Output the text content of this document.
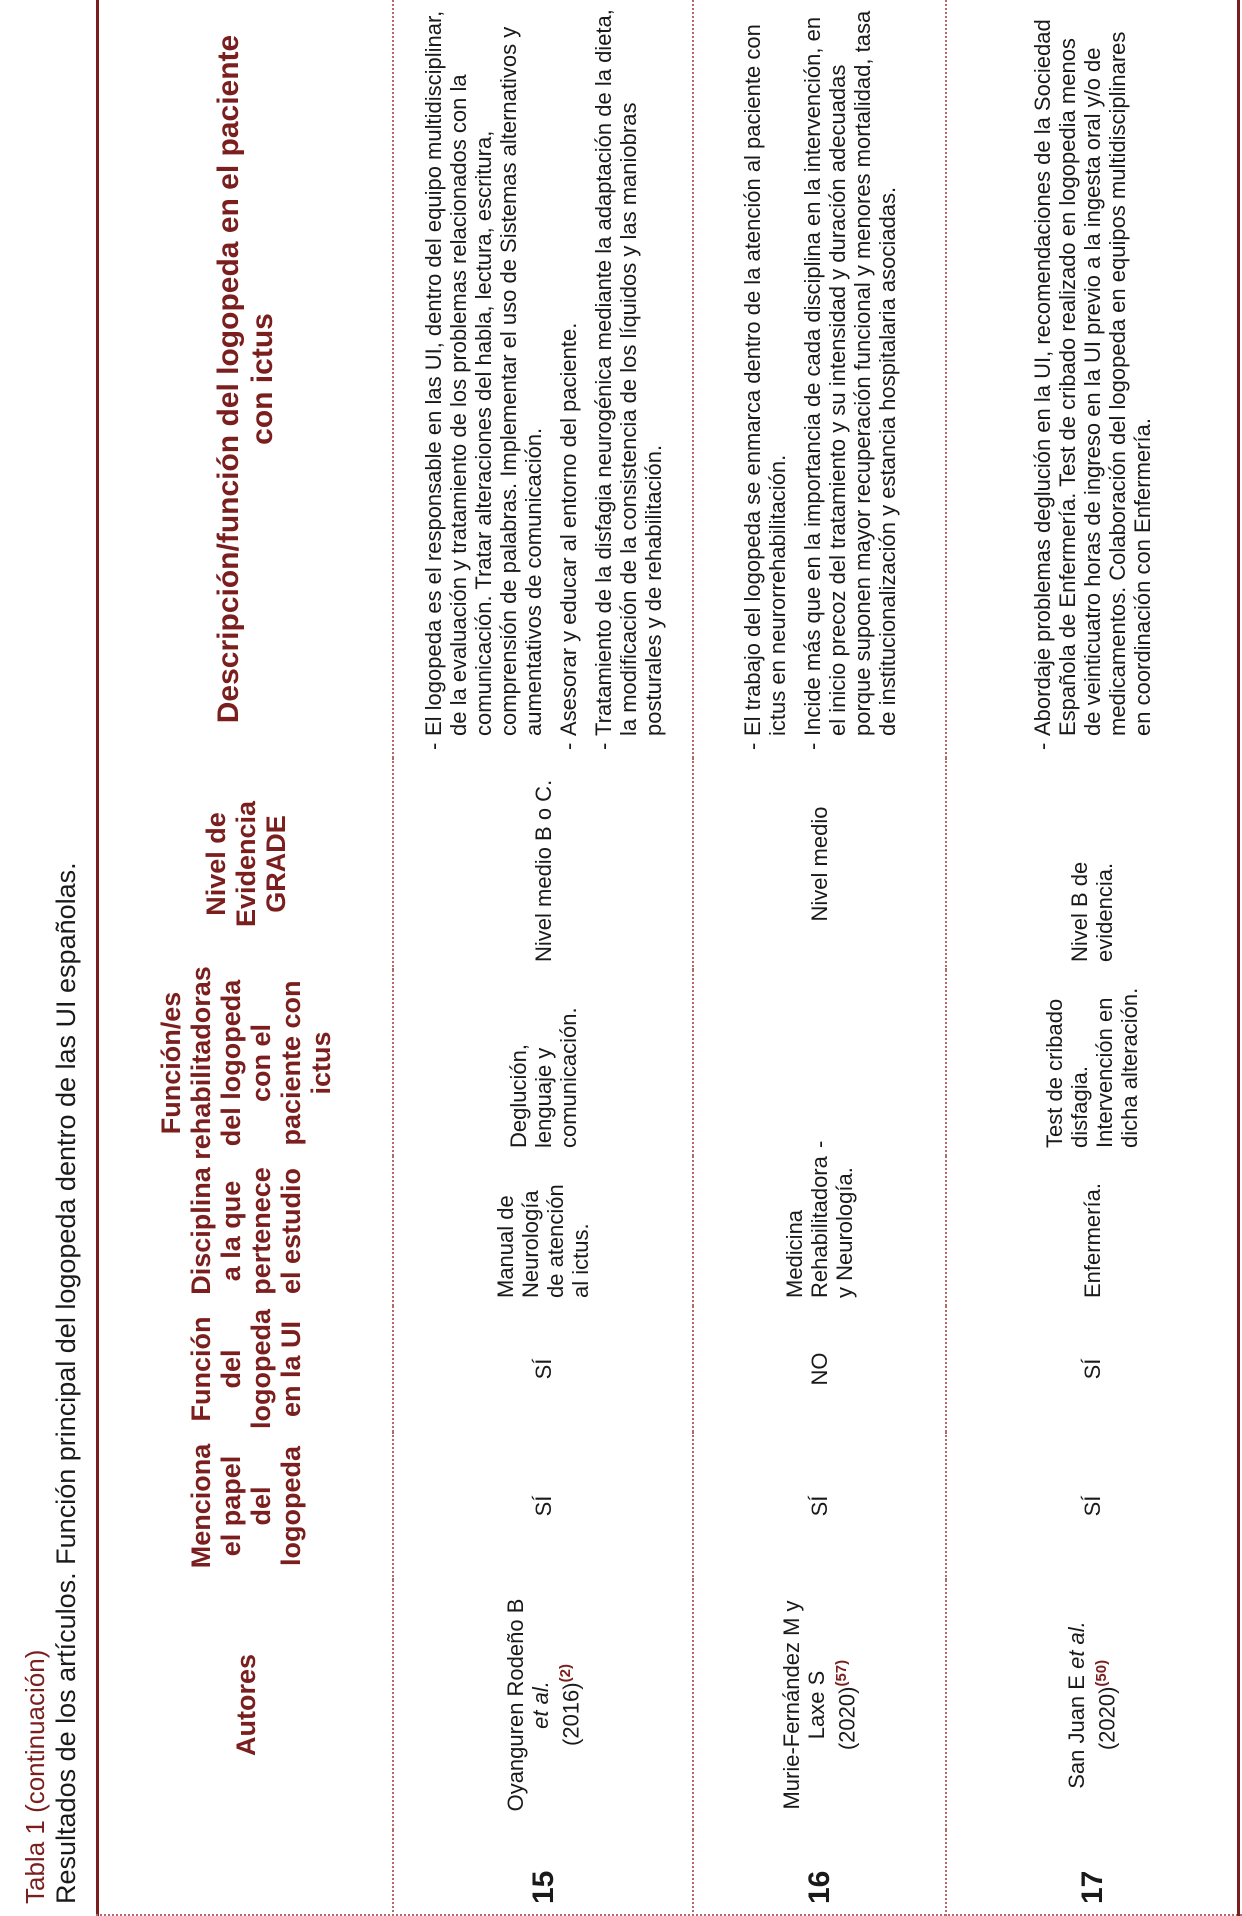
Tabla 1 (continuación) Resultados de los artículos. Función principal del logopeda dentro de las UI españolas.	Autores
Menciona el papel del logopeda
Función del logopeda en la UI
Disciplina a la que pertenece el estudio
Función/es rehabilitadoras del logopeda con el paciente con ictus
Nivel de Evidencia GRADE
Descripción/función del logopeda en el paciente con ictus
15
Oyanguren Rodeño B
et al. (2016)$^{(2)}$
SÍ
SÍ
Manual de Neurología de atención al ictus.
Deglución, lenguaje y comunicación.
Nivel medio B o C.
- El logopeda es el responsable en las UI, dentro del equipo multidisciplinar, de la evaluación y tratamiento de los problemas relacionados con la comunicación. Tratar alteraciones del habla, lectura, escritura, comprensión de palabras. Implementar el uso de Sistemas alternativos y aumentativos de comunicación. - Asesorar y educar al entorno del paciente. - Tratamiento de la disfagia neurogénica mediante la adaptación de la dieta, la modificación de la consistencia de los líquidos y las maniobras posturales y de rehabilitación.
16
Murie-Fernández M y Laxe S (2020)$^{(57)}$
SÍ
NO
Medicina Rehabilitadora y Neurología.
-
Nivel medio
- El trabajo del logopeda se enmarca dentro de la atención al paciente con ictus en neurorrehabilitación. - Incide más que en la importancia de cada disciplina en la intervención, en el inicio precoz del tratamiento y su intensidad y duración adecuadas porque suponen mayor recuperación funcional y menores mortalidad, tasa de institucionalización y estancia hospitalaria asociadas.
17
San Juan E et al.
(2020)$^{(50)}$
SÍ
SÍ
Enfermería.
Test de cribado disfagia. Intervención en dicha alteración.
Nivel B de evidencia.
- Abordaje problemas deglución en la UI, recomendaciones de la Sociedad Española de Enfermería. Test de cribado realizado en logopedia menos de veinticuatro horas de ingreso en la UI previo a la ingesta oral y/o de medicamentos. Colaboración del logopeda en equipos multidisciplinares en coordinación con Enfermería.
